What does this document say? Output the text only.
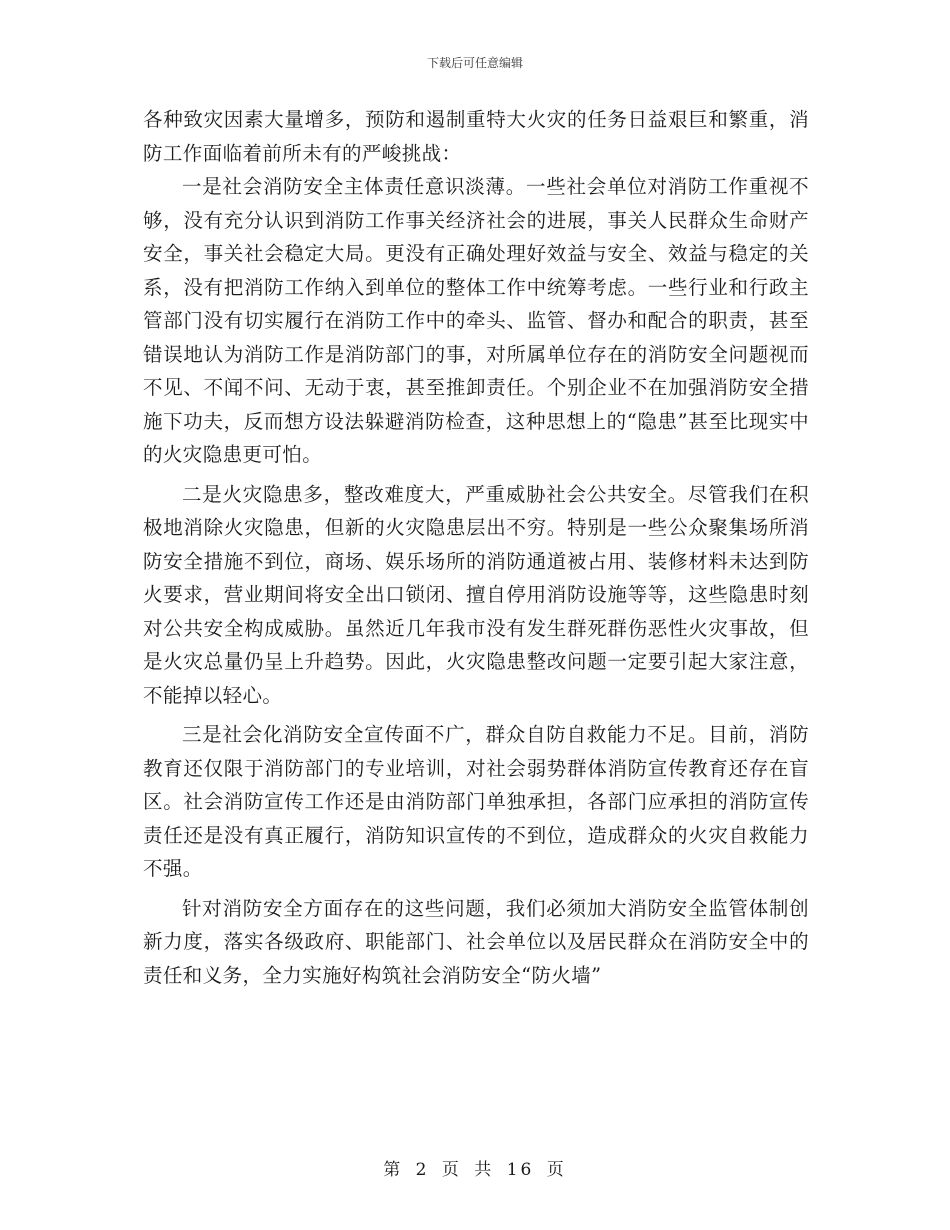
下载后可任意编辑

各种致灾因素大量增多，预防和遏制重特大火灾的任务日益艰巨和繁重，消防工作面临着前所未有的严峻挑战：

一是社会消防安全主体责任意识淡薄。一些社会单位对消防工作重视不够，没有充分认识到消防工作事关经济社会的进展，事关人民群众生命财产安全，事关社会稳定大局。更没有正确处理好效益与安全、效益与稳定的关系，没有把消防工作纳入到单位的整体工作中统筹考虑。一些行业和行政主管部门没有切实履行在消防工作中的牵头、监管、督办和配合的职责，甚至错误地认为消防工作是消防部门的事，对所属单位存在的消防安全问题视而不见、不闻不问、无动于衷，甚至推卸责任。个别企业不在加强消防安全措施下功夫，反而想方设法躲避消防检查，这种思想上的“隐患”甚至比现实中的火灾隐患更可怕。

二是火灾隐患多，整改难度大，严重威胁社会公共安全。尽管我们在积极地消除火灾隐患，但新的火灾隐患层出不穷。特别是一些公众聚集场所消防安全措施不到位，商场、娱乐场所的消防通道被占用、装修材料未达到防火要求，营业期间将安全出口锁闭、擅自停用消防设施等等，这些隐患时刻对公共安全构成威胁。虽然近几年我市没有发生群死群伤恶性火灾事故，但是火灾总量仍呈上升趋势。因此，火灾隐患整改问题一定要引起大家注意，不能掉以轻心。

三是社会化消防安全宣传面不广，群众自防自救能力不足。目前，消防教育还仅限于消防部门的专业培训，对社会弱势群体消防宣传教育还存在盲区。社会消防宣传工作还是由消防部门单独承担，各部门应承担的消防宣传责任还是没有真正履行，消防知识宣传的不到位，造成群众的火灾自救能力不强。

针对消防安全方面存在的这些问题，我们必须加大消防安全监管体制创新力度，落实各级政府、职能部门、社会单位以及居民群众在消防安全中的责任和义务，全力实施好构筑社会消防安全“防火墙”

第 2 页 共 16 页
